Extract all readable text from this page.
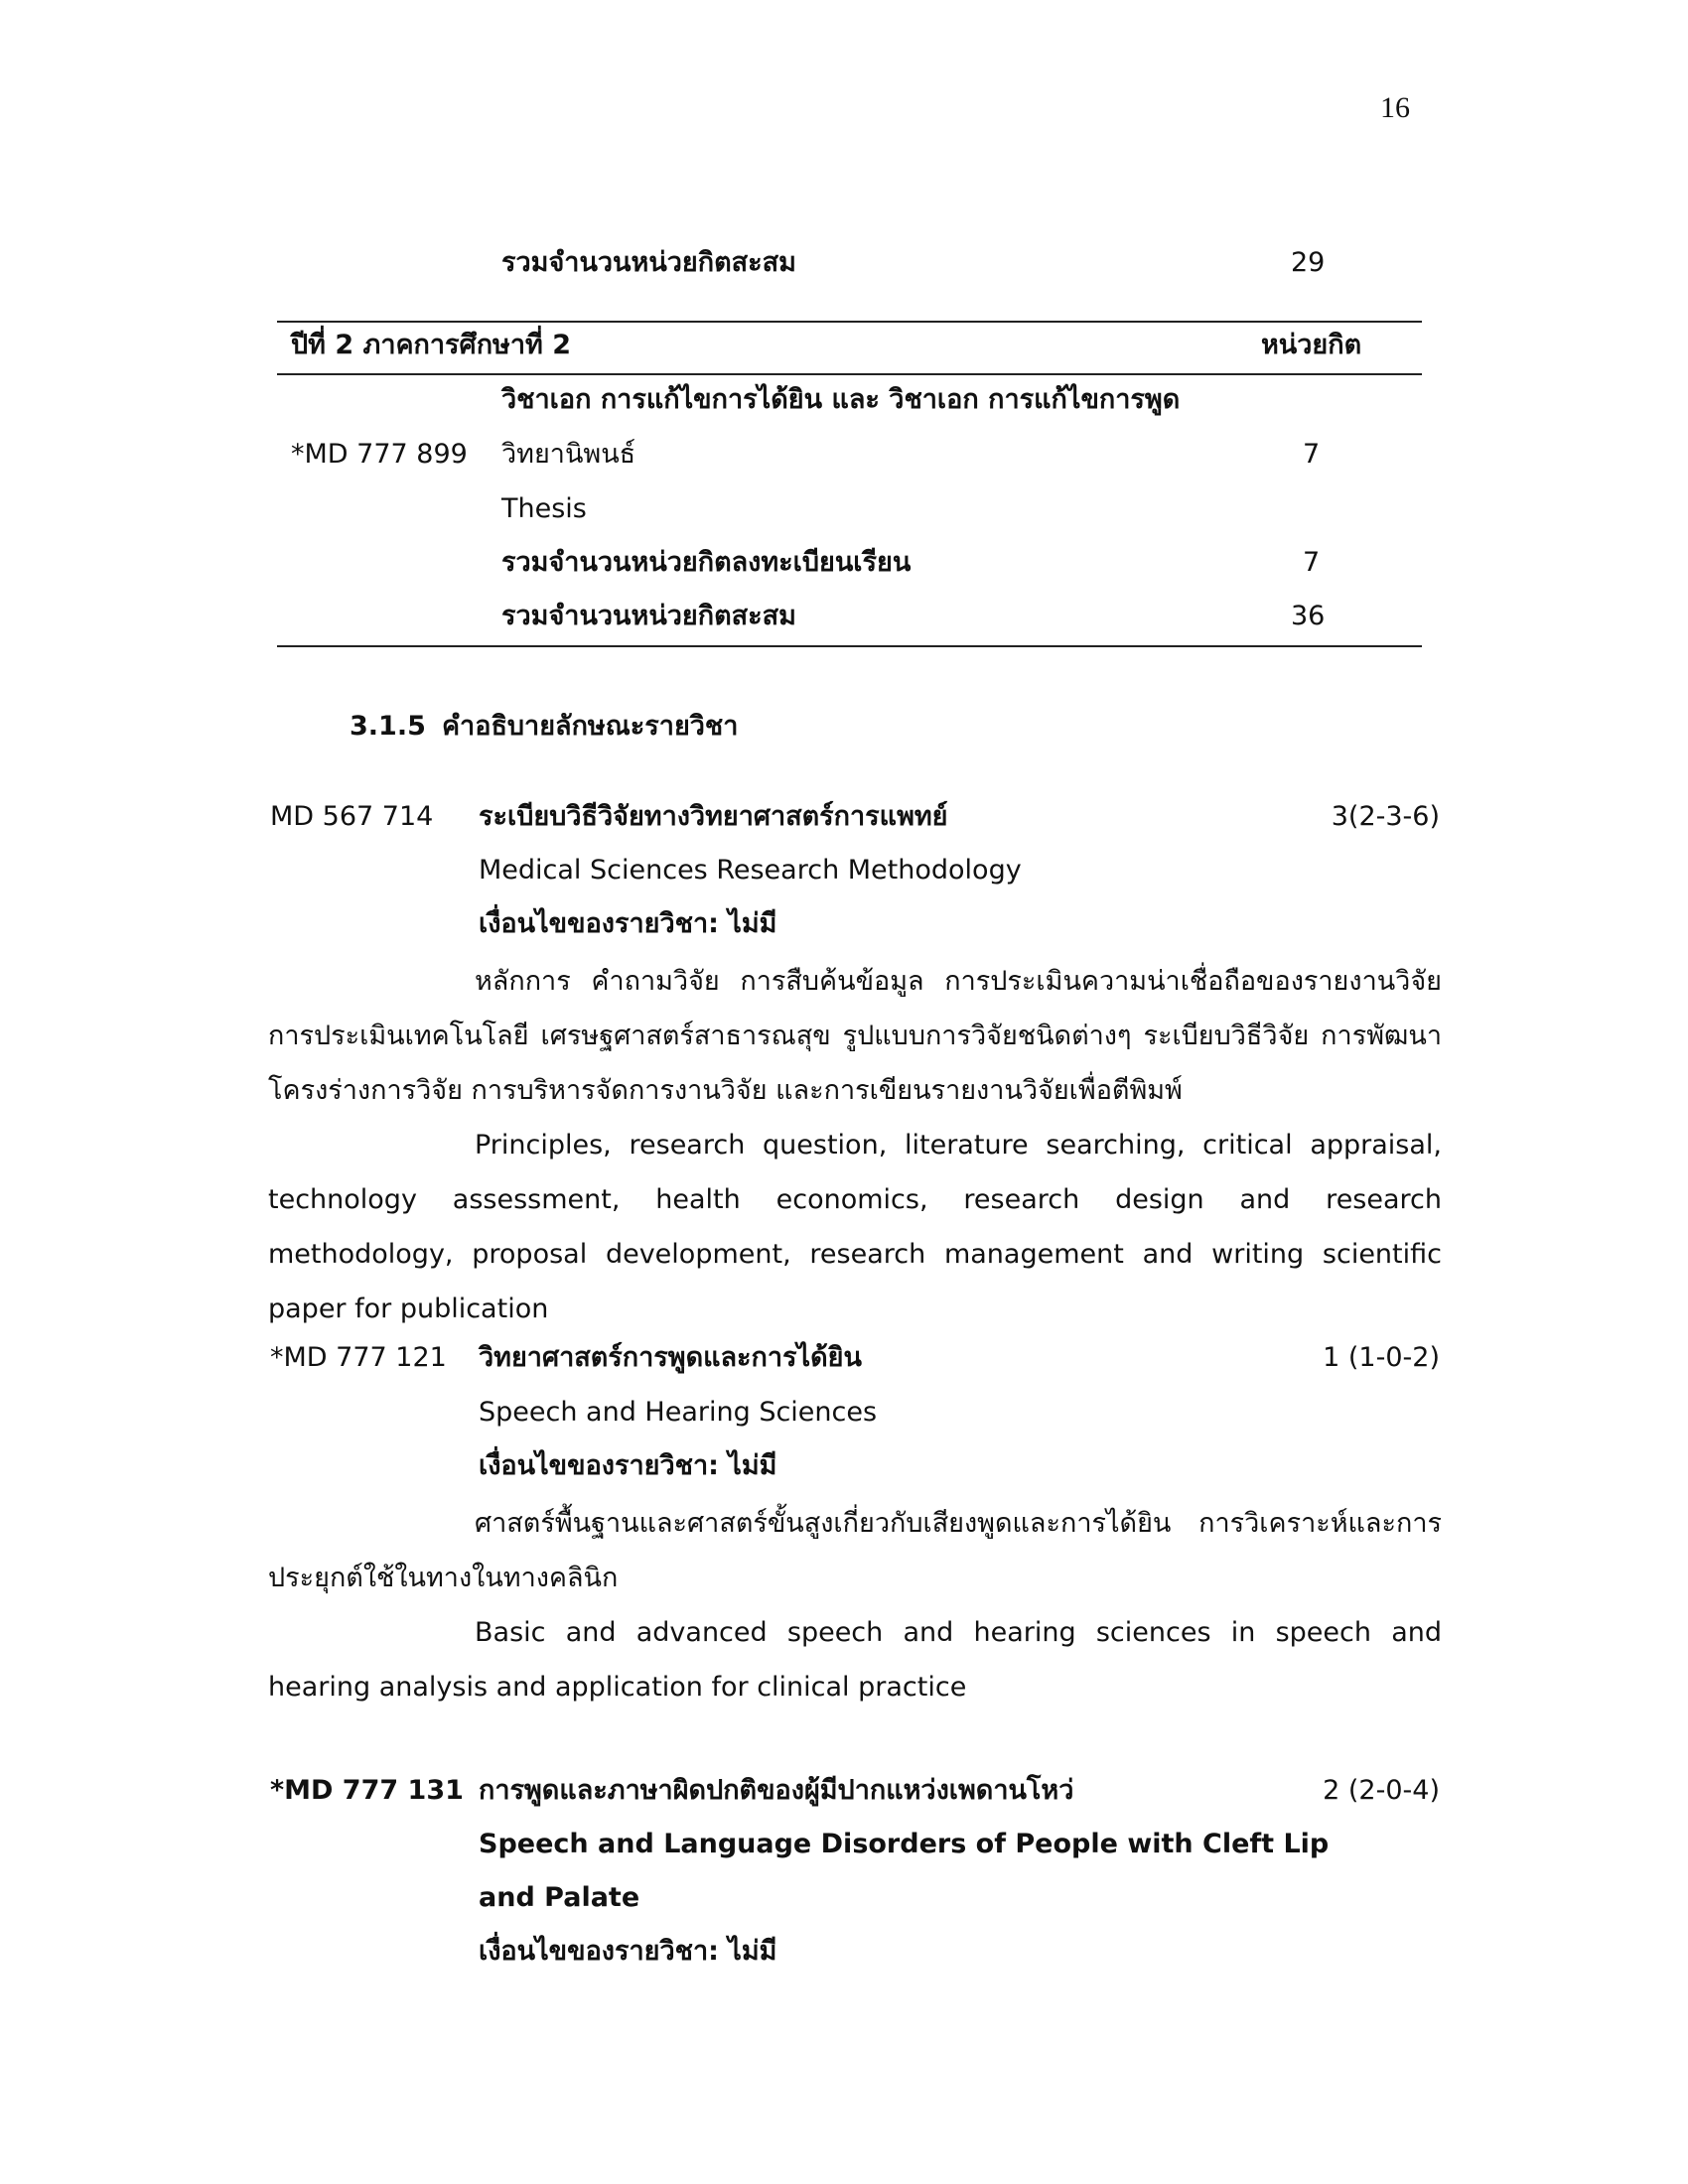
16
รวมจำนวนหน่วยกิตสะสม	29
ปีที่ 2 ภาคการศึกษาที่ 2	หน่วยกิต
วิชาเอก การแก้ไขการได้ยิน และ วิชาเอก การแก้ไขการพูด
*MD 777 899 วิทยานิพนธ์	7
Thesis
รวมจำนวนหน่วยกิตลงทะเบียนเรียน	7
รวมจำนวนหน่วยกิตสะสม	36
3.1.5 คำอธิบายลักษณะรายวิชา
MD 567 714 ระเบียบวิธีวิจัยทางวิทยาศาสตร์การแพทย์	3(2-3-6)
Medical Sciences Research Methodology
เงื่อนไขของรายวิชา: ไม่มี
หลักการ คำถามวิจัย การสืบค้นข้อมูล การประเมินความน่าเชื่อถือของรายงานวิจัย การประเมินเทคโนโลยี เศรษฐศาสตร์สาธารณสุข รูปแบบการวิจัยชนิดต่างๆ ระเบียบวิธีวิจัย การพัฒนาโครงร่างการวิจัย การบริหารจัดการงานวิจัย และการเขียนรายงานวิจัยเพื่อตีพิมพ์
Principles, research question, literature searching, critical appraisal, technology assessment, health economics, research design and research methodology, proposal development, research management and writing scientific paper for publication
*MD 777 121 วิทยาศาสตร์การพูดและการได้ยิน	1 (1-0-2)
Speech and Hearing Sciences
เงื่อนไขของรายวิชา: ไม่มี
ศาสตร์พื้นฐานและศาสตร์ขั้นสูงเกี่ยวกับเสียงพูดและการได้ยิน การวิเคราะห์และการประยุกต์ใช้ในทางในทางคลินิก
Basic and advanced speech and hearing sciences in speech and hearing analysis and application for clinical practice
*MD 777 131 การพูดและภาษาผิดปกติของผู้มีปากแหว่งเพดานโหว่	2 (2-0-4)
Speech and Language Disorders of People with Cleft Lip
and Palate
เงื่อนไขของรายวิชา: ไม่มี
